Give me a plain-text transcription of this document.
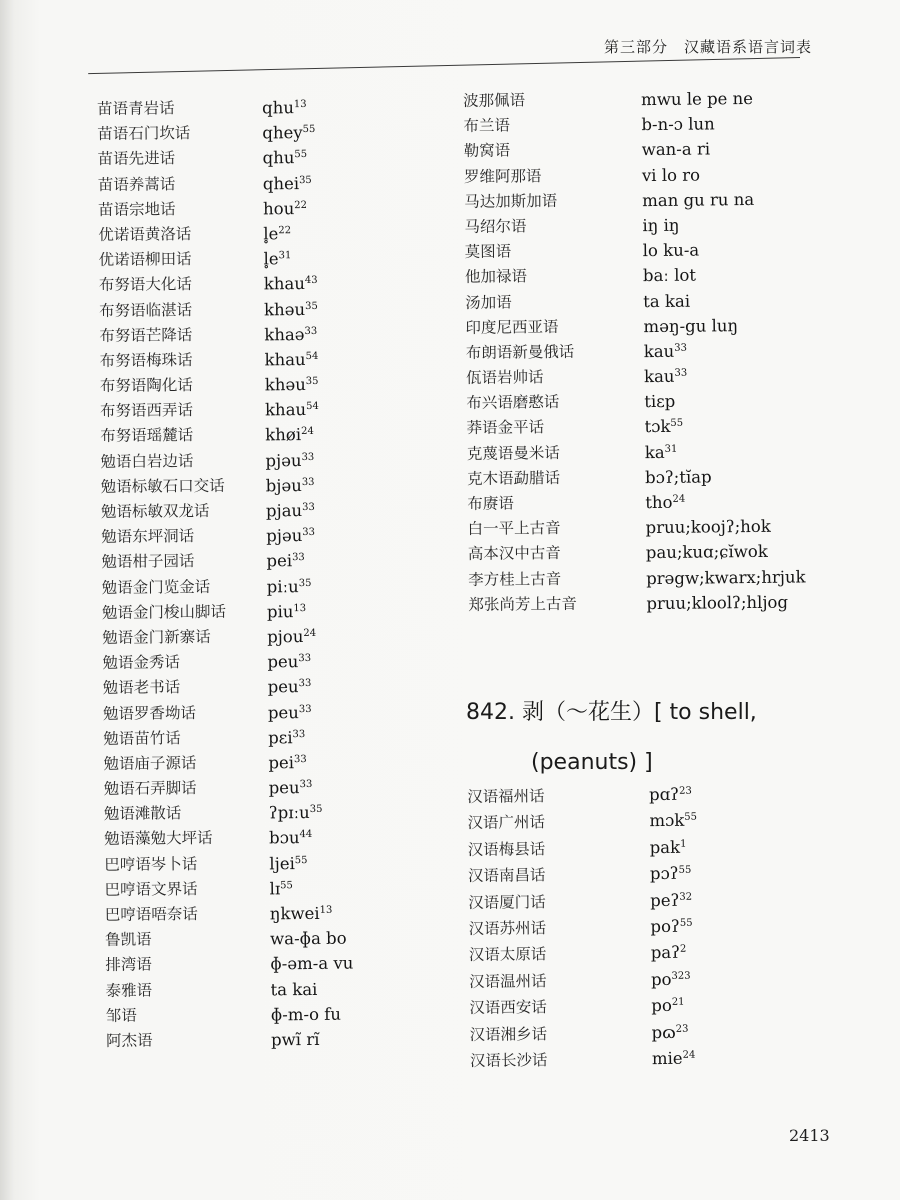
第三部分　汉藏语系语言词表
苗语青岩话	qhu$^{13}$
苗语石门坎话	qhey$^{55}$
苗语先进话	qhu$^{55}$
苗语养蒿话	qhei$^{35}$
苗语宗地话	hou$^{22}$
优诺语黄洛话	$l̥e^{22}$
优诺语柳田话	$l̥e^{31}$
布努语大化话	khau$^{43}$
布努语临湛话	khəu$^{35}$
布努语芒降话	khaə$^{33}$
布努语梅珠话	khau$^{54}$
布努语陶化话	khəu$^{35}$
布努语西弄话	khau$^{54}$
布努语瑶麓话	khøi$^{24}$
勉语白岩边话	pjəu$^{33}$
勉语标敏石口交话 bjəu$^{33}$
勉语标敏双龙话	pjau$^{33}$
勉语东坪洞话	pjəu$^{33}$
勉语柑子园话	pei$^{33}$
勉语金门览金话	piːu$^{35}$
勉语金门梭山脚话 piu$^{13}$
勉语金门新寨话	pjou$^{24}$
勉语金秀话	peu$^{33}$
勉语老书话	peu$^{33}$
勉语罗香坳话	peu$^{33}$
勉语苗竹话	pɛi$^{33}$
勉语庙子源话	pei$^{33}$
勉语石弄脚话	peu$^{33}$
勉语滩散话	ʔpɪːu$^{35}$
勉语藻勉大坪话	bɔu$^{44}$
巴哼语岑卜话	ljei$^{55}$
巴哼语文界话	lɪ$^{55}$
巴哼语唔奈话	ŋkwei$^{13}$
鲁凯语	wa-ɸa bo
排湾语	ɸ-əm-a vu
泰雅语	ta kai
邹语	ɸ-m-o fu
阿杰语	pwĩ rĩ
波那佩语	mwu le pe ne
布兰语	b-n-ɔ lun
勒窝语	wan-a ri
罗维阿那语	vi lo ro
马达加斯加语	man gu ru na
马绍尔语	iŋ iŋ
莫图语	lo ku-a
他加禄语	baː lot
汤加语	ta kai
印度尼西亚语	məŋ-gu luŋ
布朗语新曼俄话	kau$^{33}$
佤语岩帅话	kau$^{33}$
布兴语磨憨话	tiɛp
莽语金平话	tɔk$^{55}$
克蔑语曼米话	$ka^{31}$
克木语勐腊话	bɔʔ;tĭap
布赓语	tho$^{24}$
白一平上古音	pruu;koojʔ;hok
高本汉中古音	pau;kuɑ;ɕĭwok
李方桂上古音	prəgw;kwarx;hrjuk
郑张尚芳上古音	pruu;kloolʔ;hljog
842. 剥（～花生）[ to shell,
(peanuts) ]
汉语福州话	pɑʔ$^{23}$
汉语广州话	mɔk$^{55}$
汉语梅县话	pak$^1$
汉语南昌话	pɔʔ$^{55}$
汉语厦门话	peʔ$^{32}$
汉语苏州话	poʔ$^{55}$
汉语太原话	paʔ$^2$
汉语温州话	$po^{323}$
汉语西安话	$po^{21}$
汉语湘乡话	pɷ$^{23}$
汉语长沙话	mie$^{24}$
2413
